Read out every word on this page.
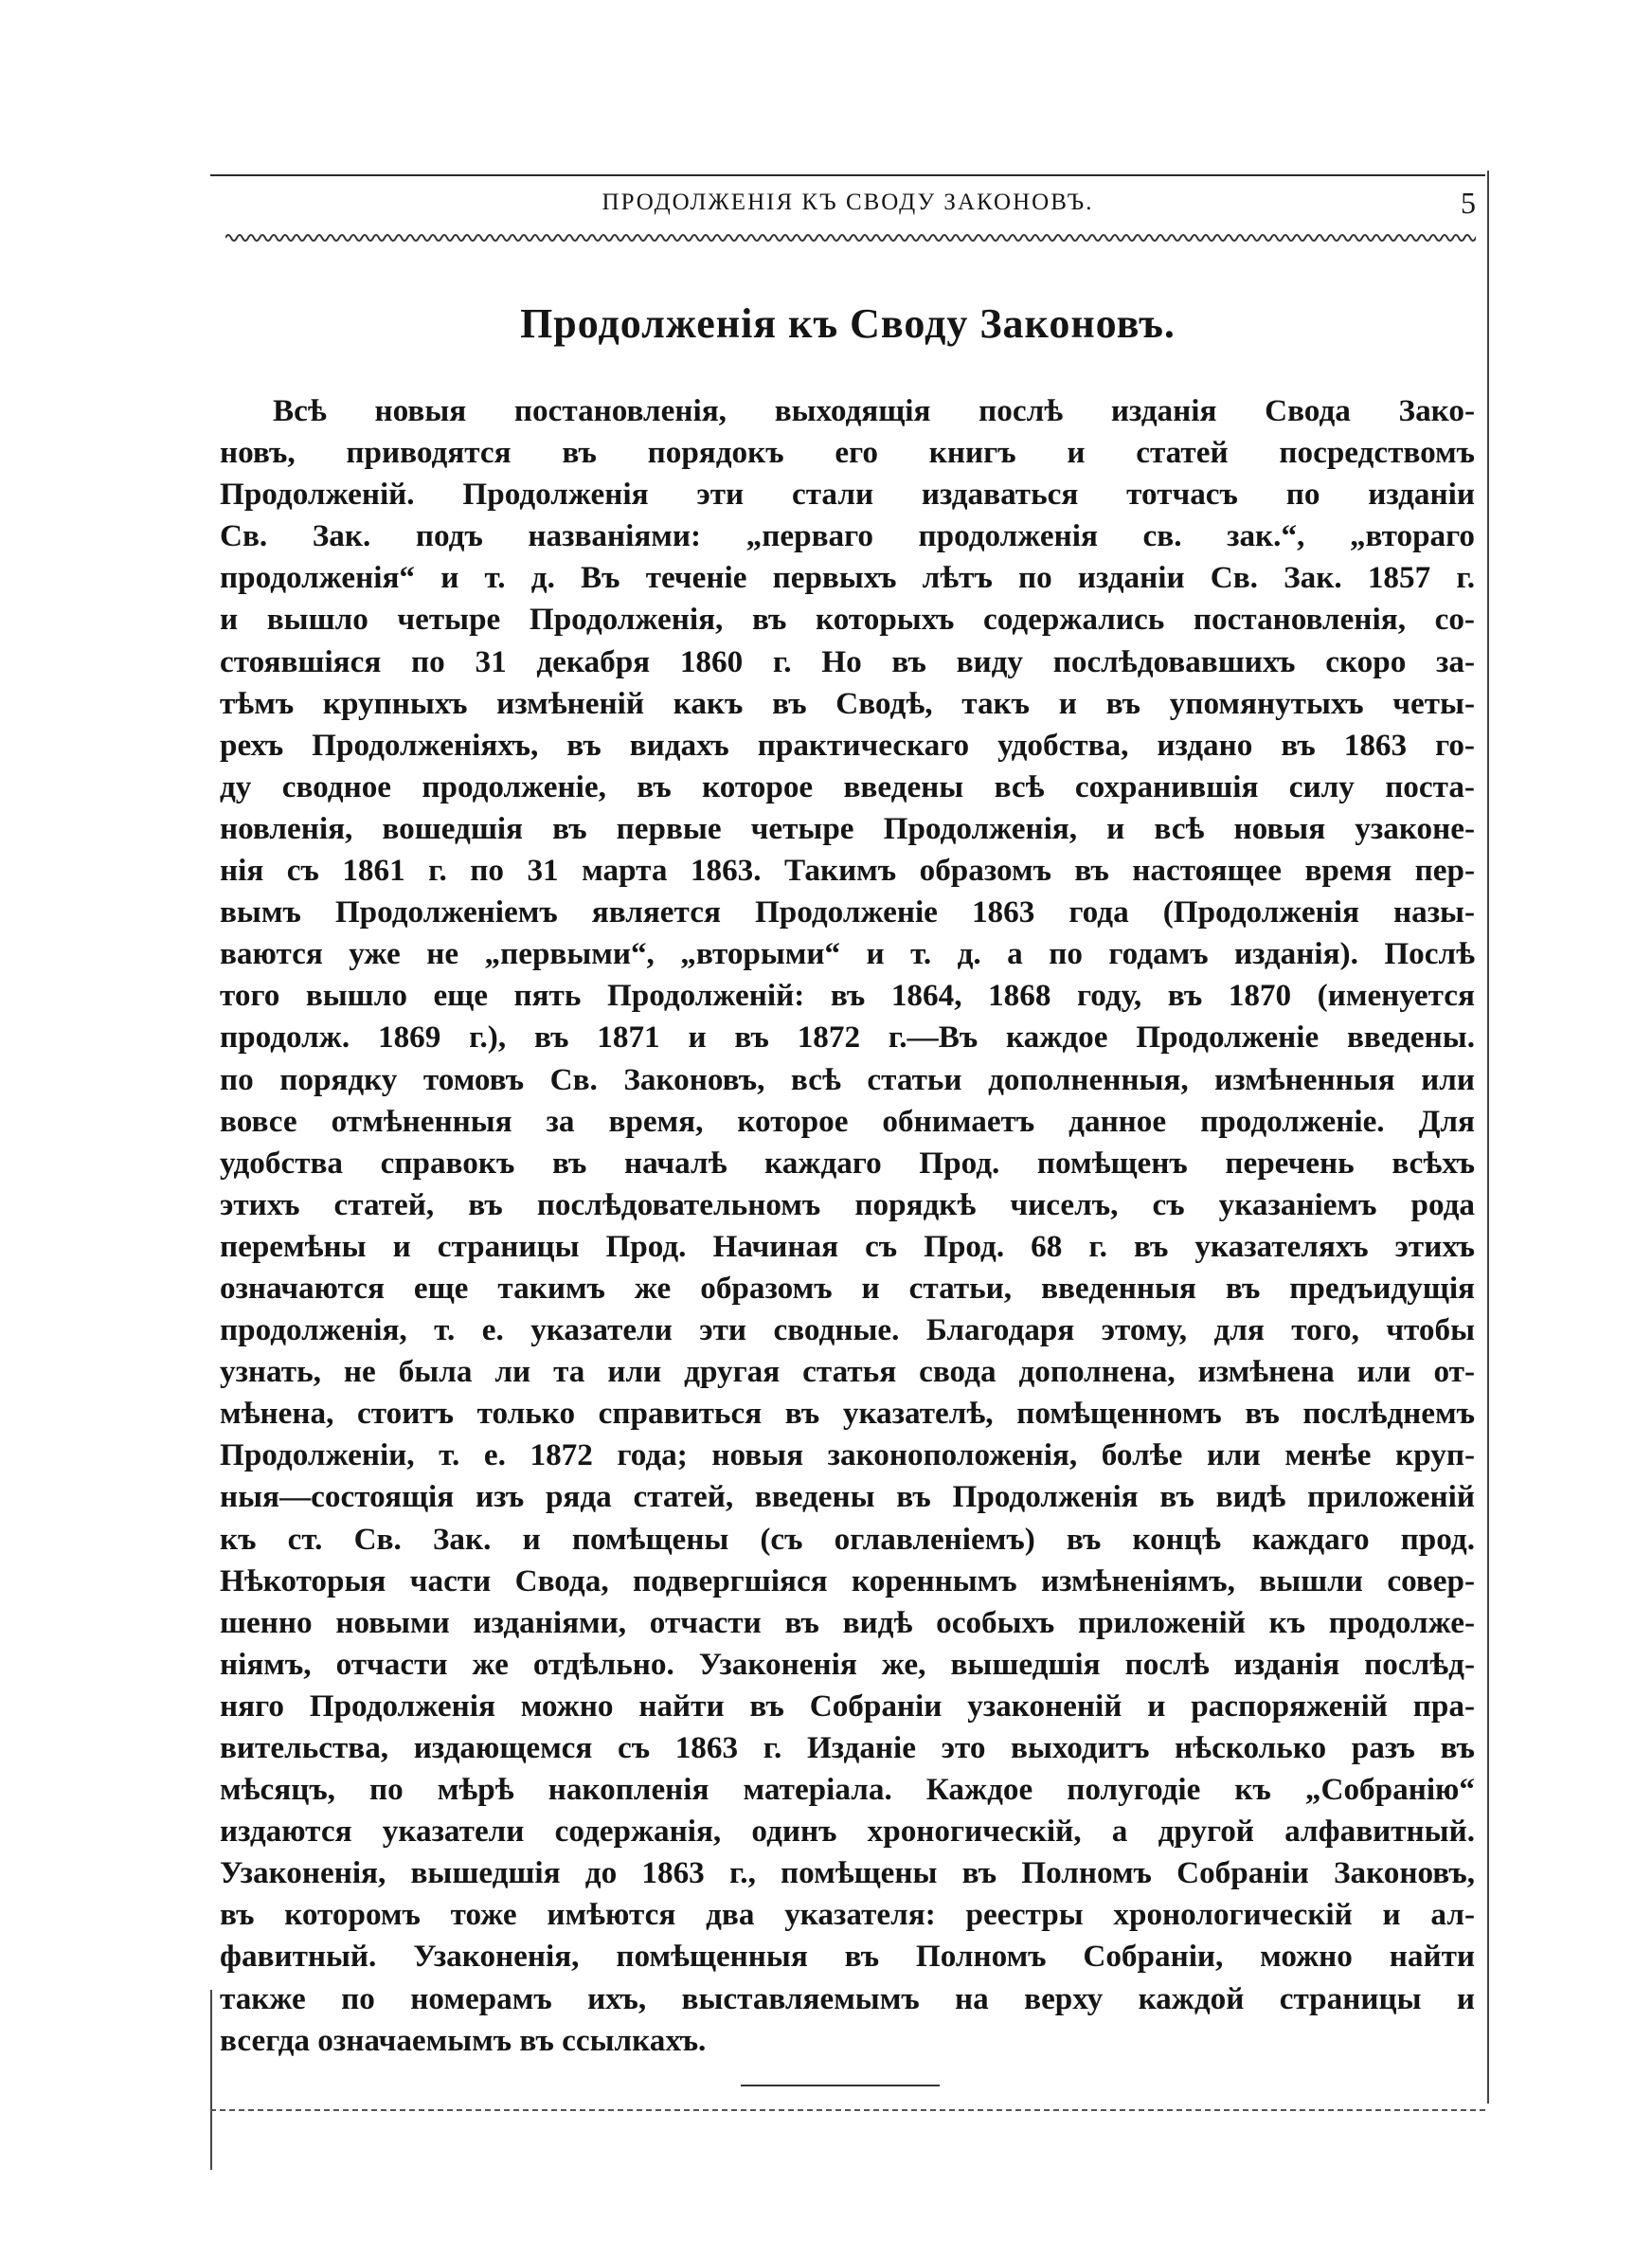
ПРОДОЛЖЕНІЯ КЪ СВОДУ ЗАКОНОВЪ.	5
Продолженія къ Своду Законовъ.
Всѣ новыя постановленія, выходящія послѣ изданія Свода Зако-
новъ, приводятся въ порядокъ его книгъ и статей посредствомъ
Продолженій. Продолженія эти стали издаваться тотчасъ по изданіи
Св. Зак. подъ названіями: „перваго продолженія св. зак.“, „втораго
продолженія“ и т. д. Въ теченіе первыхъ лѣтъ по изданіи Св. Зак. 1857 г.
и вышло четыре Продолженія, въ которыхъ содержались постановленія, со-
стоявшіяся по 31 декабря 1860 г. Но въ виду послѣдовавшихъ скоро за-
тѣмъ крупныхъ измѣненій какъ въ Сводѣ, такъ и въ упомянутыхъ четы-
рехъ Продолженіяхъ, въ видахъ практическаго удобства, издано въ 1863 го-
ду сводное продолженіе, въ которое введены всѣ сохранившія силу поста-
новленія, вошедшія въ первые четыре Продолженія, и всѣ новыя узаконе-
нія съ 1861 г. по 31 марта 1863. Такимъ образомъ въ настоящее время пер-
вымъ Продолженіемъ является Продолженіе 1863 года (Продолженія назы-
ваются уже не „первыми“, „вторыми“ и т. д. а по годамъ изданія). Послѣ
того вышло еще пять Продолженій: въ 1864, 1868 году, въ 1870 (именуется
продолж. 1869 г.), въ 1871 и въ 1872 г.—Въ каждое Продолженіе введены.
по порядку томовъ Св. Законовъ, всѣ статьи дополненныя, измѣненныя или
вовсе отмѣненныя за время, которое обнимаетъ данное продолженіе. Для
удобства справокъ въ началѣ каждаго Прод. помѣщенъ перечень всѣхъ
этихъ статей, въ послѣдовательномъ порядкѣ чиселъ, съ указаніемъ рода
перемѣны и страницы Прод. Начиная съ Прод. 68 г. въ указателяхъ этихъ
означаются еще такимъ же образомъ и статьи, введенныя въ предъидущія
продолженія, т. е. указатели эти сводные. Благодаря этому, для того, чтобы
узнать, не была ли та или другая статья свода дополнена, измѣнена или от-
мѣнена, стоитъ только справиться въ указателѣ, помѣщенномъ въ послѣднемъ
Продолженіи, т. е. 1872 года; новыя законоположенія, болѣе или менѣе круп-
ныя—состоящія изъ ряда статей, введены въ Продолженія въ видѣ приложеній
къ ст. Св. Зак. и помѣщены (съ оглавленіемъ) въ концѣ каждаго прод.
Нѣкоторыя части Свода, подвергшіяся кореннымъ измѣненіямъ, вышли совер-
шенно новыми изданіями, отчасти въ видѣ особыхъ приложеній къ продолже-
ніямъ, отчасти же отдѣльно. Узаконенія же, вышедшія послѣ изданія послѣд-
няго Продолженія можно найти въ Собраніи узаконеній и распоряженій пра-
вительства, издающемся съ 1863 г. Изданіе это выходитъ нѣсколько разъ въ
мѣсяцъ, по мѣрѣ накопленія матеріала. Каждое полугодіе къ „Собранію“
издаются указатели содержанія, одинъ хроногическій, а другой алфавитный.
Узаконенія, вышедшія до 1863 г., помѣщены въ Полномъ Собраніи Законовъ,
въ которомъ тоже имѣются два указателя: реестры хронологическій и ал-
фавитный. Узаконенія, помѣщенныя въ Полномъ Собраніи, можно найти
также по номерамъ ихъ, выставляемымъ на верху каждой страницы и
всегда означаемымъ въ ссылкахъ.
